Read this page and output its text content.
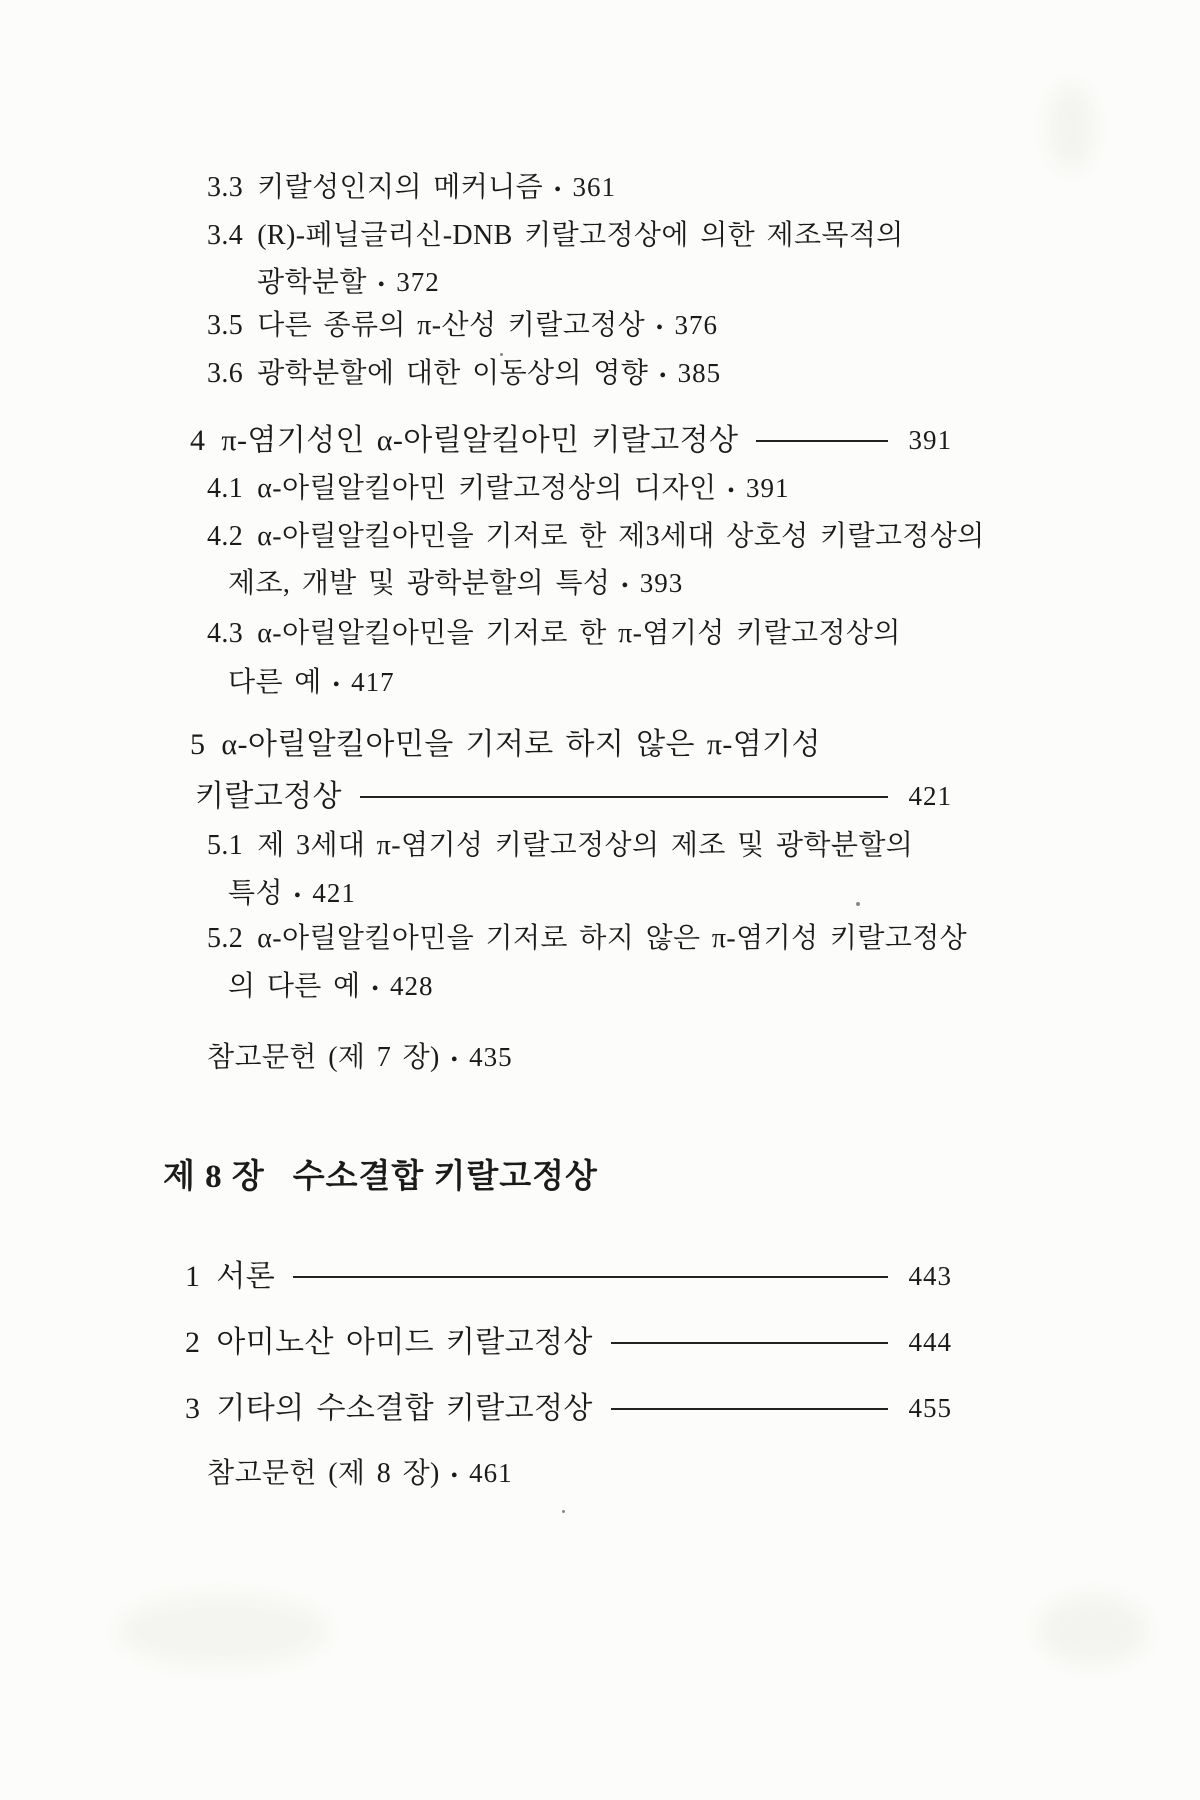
3.3 키랄성인지의 메커니즘 • 361
3.4 (R)-페닐글리신-DNB 키랄고정상에 의한 제조목적의
광학분할 • 372
3.5 다른 종류의 π-산성 키랄고정상 • 376
3.6 광학분할에 대한 이동상의 영향 • 385
4 π-염기성인 α-아릴알킬아민 키랄고정상	391
4.1 α-아릴알킬아민 키랄고정상의 디자인 • 391
4.2 α-아릴알킬아민을 기저로 한 제3세대 상호성 키랄고정상의
제조, 개발 및 광학분할의 특성 • 393
4.3 α-아릴알킬아민을 기저로 한 π-염기성 키랄고정상의
다른 예 • 417
5 α-아릴알킬아민을 기저로 하지 않은 π-염기성
키랄고정상	421
5.1 제 3세대 π-염기성 키랄고정상의 제조 및 광학분할의
특성 • 421
5.2 α-아릴알킬아민을 기저로 하지 않은 π-염기성 키랄고정상
의 다른 예 • 428
참고문헌 (제 7 장) • 435
제 8 장 수소결합 키랄고정상
1 서론	443
2 아미노산 아미드 키랄고정상	444
3 기타의 수소결합 키랄고정상	455
참고문헌 (제 8 장) • 461
